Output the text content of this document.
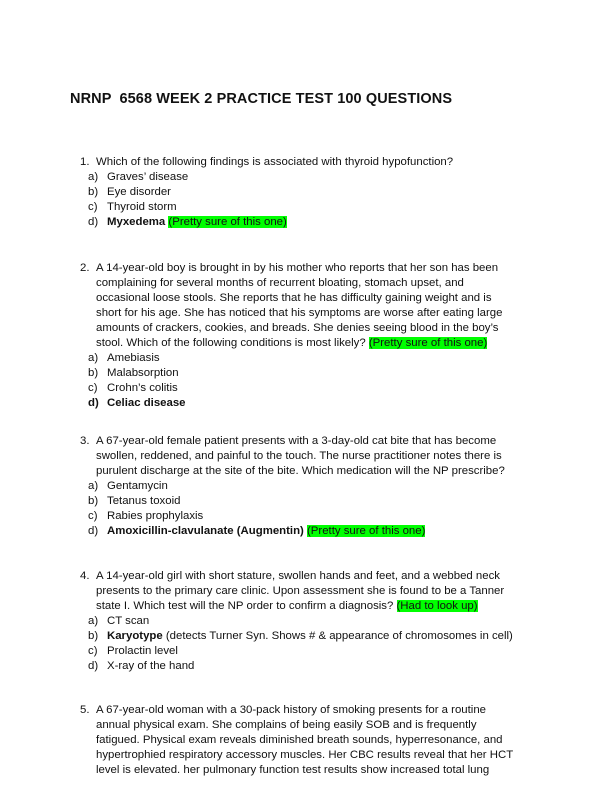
NRNP  6568 WEEK 2 PRACTICE TEST 100 QUESTIONS
1. Which of the following findings is associated with thyroid hypofunction?
a) Graves’ disease
b) Eye disorder
c) Thyroid storm
d) Myxedema (Pretty sure of this one)
2. A 14-year-old boy is brought in by his mother who reports that her son has been
complaining for several months of recurrent bloating, stomach upset, and
occasional loose stools. She reports that he has difficulty gaining weight and is
short for his age. She has noticed that his symptoms are worse after eating large
amounts of crackers, cookies, and breads. She denies seeing blood in the boy’s
stool. Which of the following conditions is most likely? (Pretty sure of this one)
a) Amebiasis
b) Malabsorption
c) Crohn’s colitis
d) Celiac disease
3. A 67-year-old female patient presents with a 3-day-old cat bite that has become
swollen, reddened, and painful to the touch. The nurse practitioner notes there is
purulent discharge at the site of the bite. Which medication will the NP prescribe?
a) Gentamycin
b) Tetanus toxoid
c) Rabies prophylaxis
d) Amoxicillin-clavulanate (Augmentin) (Pretty sure of this one)
4. A 14-year-old girl with short stature, swollen hands and feet, and a webbed neck
presents to the primary care clinic. Upon assessment she is found to be a Tanner
state I. Which test will the NP order to confirm a diagnosis? (Had to look up)
a) CT scan
b) Karyotype (detects Turner Syn. Shows # & appearance of chromosomes in cell)
c) Prolactin level
d) X-ray of the hand
5. A 67-year-old woman with a 30-pack history of smoking presents for a routine
annual physical exam. She complains of being easily SOB and is frequently
fatigued. Physical exam reveals diminished breath sounds, hyperresonance, and
hypertrophied respiratory accessory muscles. Her CBC results reveal that her HCT
level is elevated. her pulmonary function test results show increased total lung
